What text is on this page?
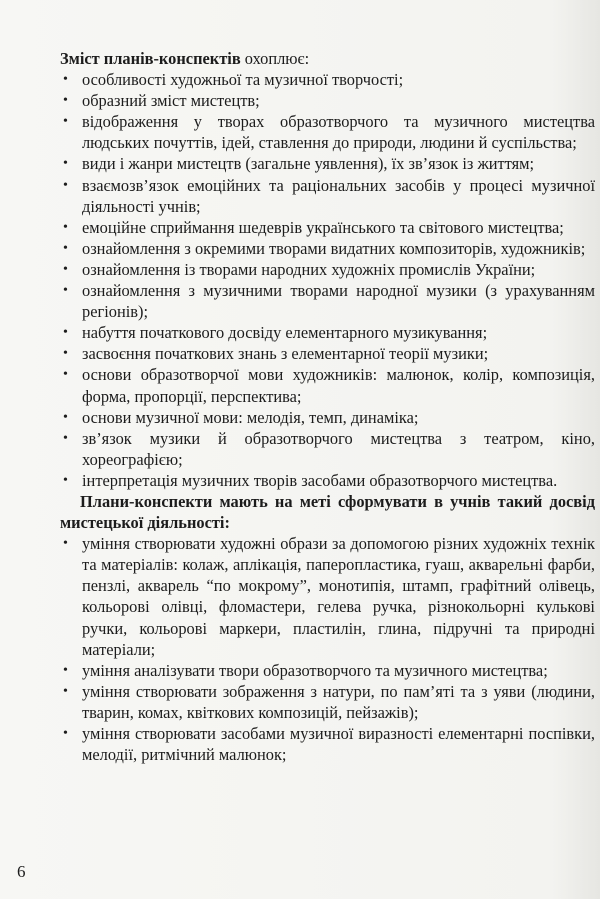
Зміст планів-конспектів охоплює:

• особливості художньої та музичної творчості;
• образний зміст мистецтв;
• відображення у творах образотворчого та музичного мистецтва людських почуттів, ідей, ставлення до природи, людини й суспільства;
• види і жанри мистецтв (загальне уявлення), їх зв’язок із життям;
• взаємозв’язок емоційних та раціональних засобів у процесі музичної діяльності учнів;
• емоційне сприймання шедеврів українського та світового мистецтва;
• ознайомлення з окремими творами видатних композиторів, художників;
• ознайомлення із творами народних художніх промислів України;
• ознайомлення з музичними творами народної музики (з урахуванням регіонів);
• набуття початкового досвіду елементарного музикування;
• засвоєння початкових знань з елементарної теорії музики;
• основи образотворчої мови художників: малюнок, колір, композиція, форма, пропорції, перспектива;
• основи музичної мови: мелодія, темп, динаміка;
• зв’язок музики й образотворчого мистецтва з театром, кіно, хореографією;
• інтерпретація музичних творів засобами образотворчого мистецтва.

Плани-конспекти мають на меті сформувати в учнів такий досвід мистецької діяльності:

• уміння створювати художні образи за допомогою різних художніх технік та матеріалів: колаж, аплікація, паперопластика, гуаш, акварельні фарби, пензлі, акварель “по мокрому”, монотипія, штамп, графітний олівець, кольорові олівці, фломастери, гелева ручка, різнокольорні кулькові ручки, кольорові маркери, пластилін, глина, підручні та природні матеріали;
• уміння аналізувати твори образотворчого та музичного мистецтва;
• уміння створювати зображення з натури, по пам’яті та з уяви (людини, тварин, комах, квіткових композицій, пейзажів);
• уміння створювати засобами музичної виразності елементарні поспівки, мелодії, ритмічний малюнок;
6
